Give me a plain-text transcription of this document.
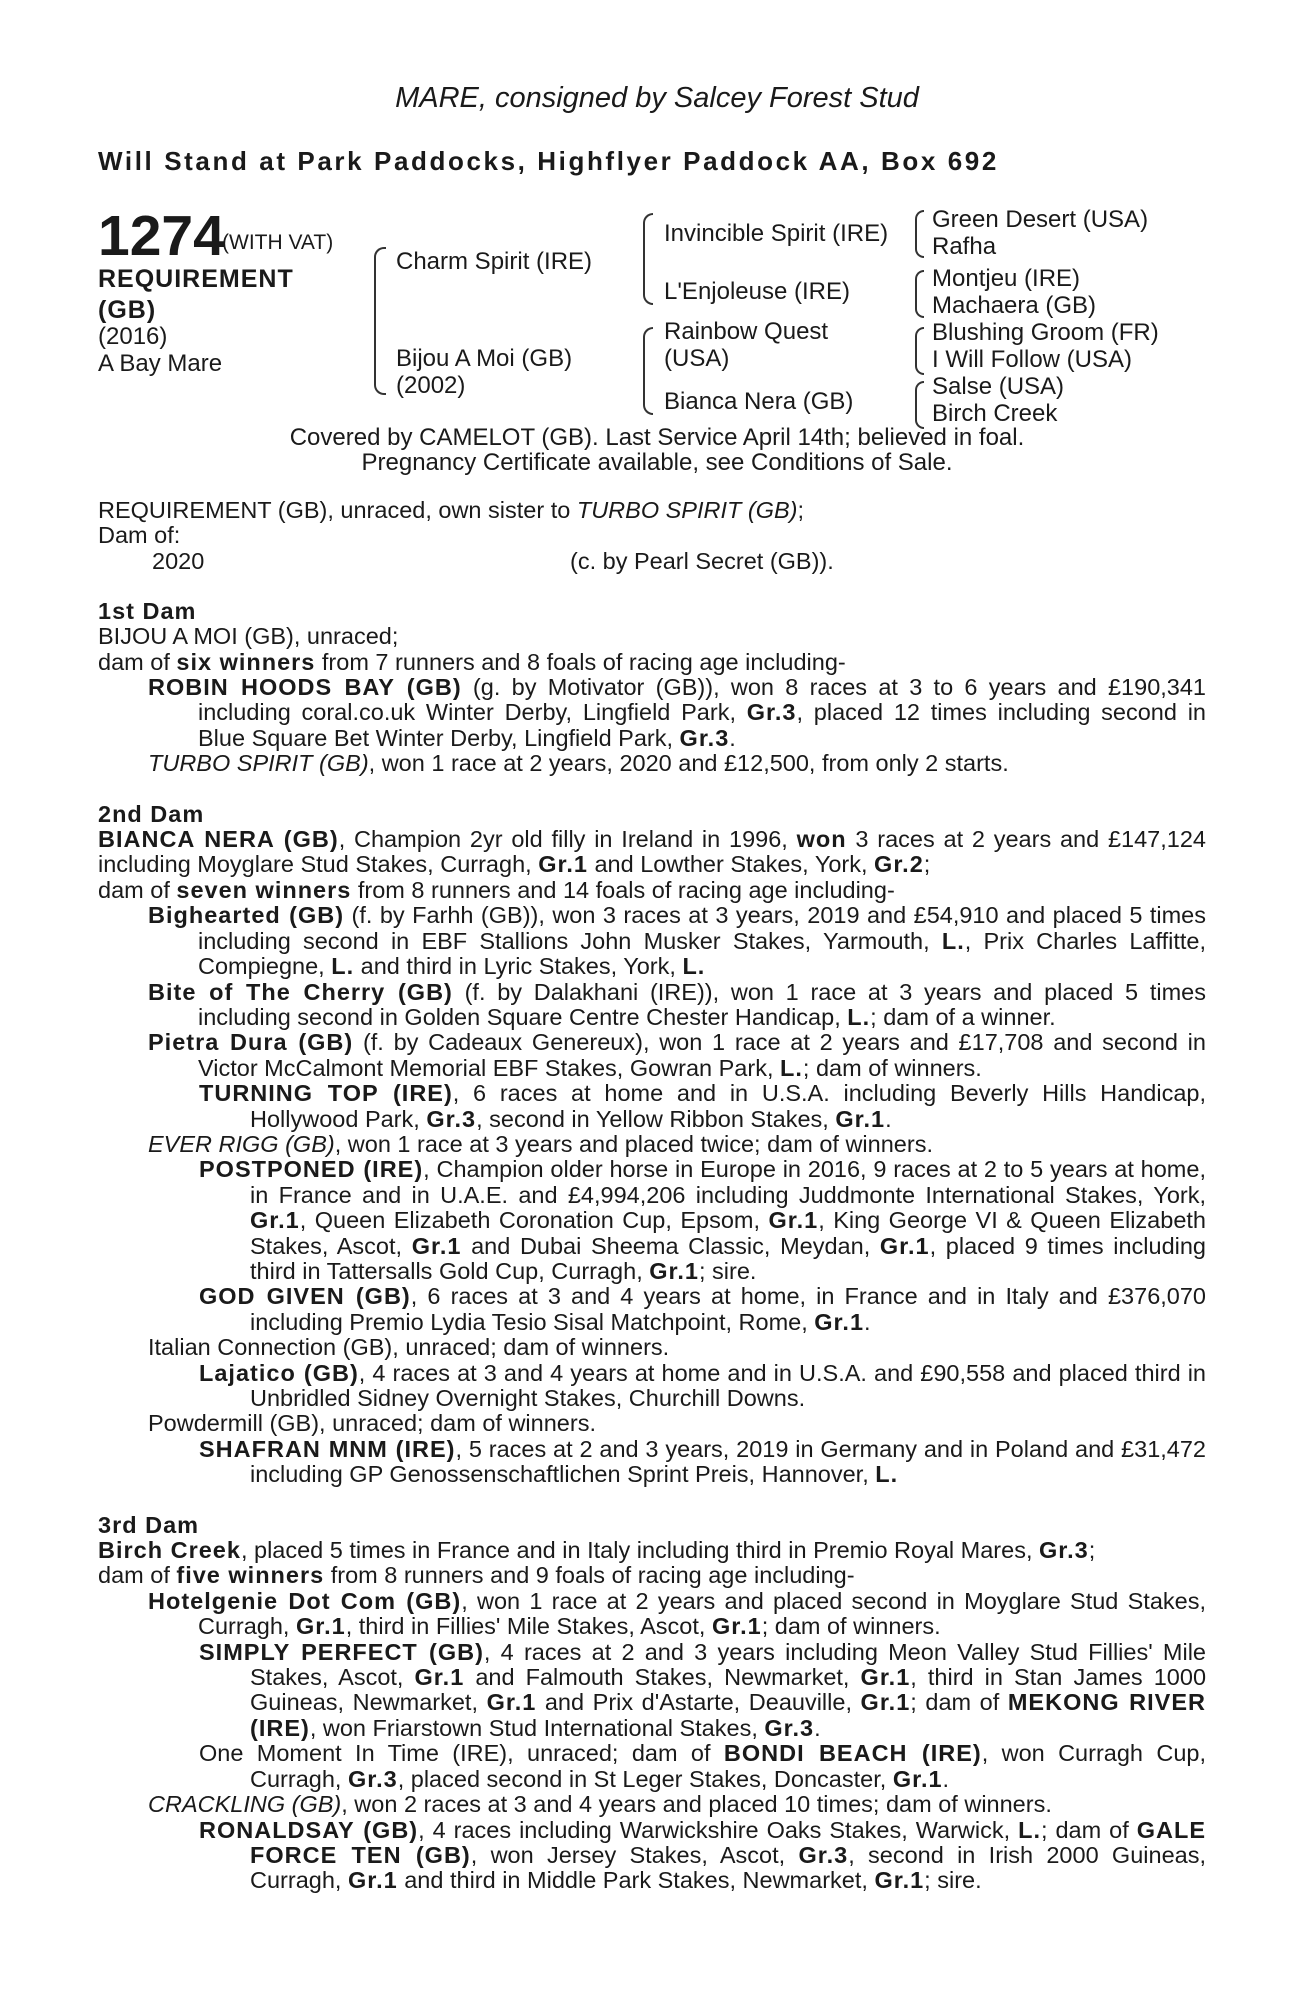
MARE, consigned by Salcey Forest Stud
Will Stand at Park Paddocks, Highflyer Paddock AA, Box 692
1274
(WITH VAT)
REQUIREMENT
(GB)
(2016)
A Bay Mare
Charm Spirit (IRE)
Bijou A Moi (GB)
(2002)
Invincible Spirit (IRE)
L'Enjoleuse (IRE)
Rainbow Quest
(USA)
Bianca Nera (GB)
Green Desert (USA)
Rafha
Montjeu (IRE)
Machaera (GB)
Blushing Groom (FR)
I Will Follow (USA)
Salse (USA)
Birch Creek
Covered by CAMELOT (GB). Last Service April 14th; believed in foal.
Pregnancy Certificate available, see Conditions of Sale.

REQUIREMENT (GB), unraced, own sister to TURBO SPIRIT (GB);

Dam of:

2020	(c. by Pearl Secret (GB)).

1st Dam

BIJOU A MOI (GB), unraced;

dam of six winners from 7 runners and 8 foals of racing age including-

ROBIN HOODS BAY (GB) (g. by Motivator (GB)), won 8 races at 3 to 6 years and £190,341 including coral.co.uk Winter Derby, Lingfield Park, Gr.3, placed 12 times including second in Blue Square Bet Winter Derby, Lingfield Park, Gr.3.

TURBO SPIRIT (GB), won 1 race at 2 years, 2020 and £12,500, from only 2 starts.

2nd Dam

BIANCA NERA (GB), Champion 2yr old filly in Ireland in 1996, won 3 races at 2 years and £147,124 including Moyglare Stud Stakes, Curragh, Gr.1 and Lowther Stakes, York, Gr.2;

dam of seven winners from 8 runners and 14 foals of racing age including-

Bighearted (GB) (f. by Farhh (GB)), won 3 races at 3 years, 2019 and £54,910 and placed 5 times including second in EBF Stallions John Musker Stakes, Yarmouth, L., Prix Charles Laffitte, Compiegne, L. and third in Lyric Stakes, York, L.

Bite of The Cherry (GB) (f. by Dalakhani (IRE)), won 1 race at 3 years and placed 5 times including second in Golden Square Centre Chester Handicap, L.; dam of a winner.

Pietra Dura (GB) (f. by Cadeaux Genereux), won 1 race at 2 years and £17,708 and second in Victor McCalmont Memorial EBF Stakes, Gowran Park, L.; dam of winners.

TURNING TOP (IRE), 6 races at home and in U.S.A. including Beverly Hills Handicap, Hollywood Park, Gr.3, second in Yellow Ribbon Stakes, Gr.1.

EVER RIGG (GB), won 1 race at 3 years and placed twice; dam of winners.

POSTPONED (IRE), Champion older horse in Europe in 2016, 9 races at 2 to 5 years at home, in France and in U.A.E. and £4,994,206 including Juddmonte International Stakes, York, Gr.1, Queen Elizabeth Coronation Cup, Epsom, Gr.1, King George VI & Queen Elizabeth Stakes, Ascot, Gr.1 and Dubai Sheema Classic, Meydan, Gr.1, placed 9 times including third in Tattersalls Gold Cup, Curragh, Gr.1; sire.

GOD GIVEN (GB), 6 races at 3 and 4 years at home, in France and in Italy and £376,070 including Premio Lydia Tesio Sisal Matchpoint, Rome, Gr.1.

Italian Connection (GB), unraced; dam of winners.

Lajatico (GB), 4 races at 3 and 4 years at home and in U.S.A. and £90,558 and placed third in Unbridled Sidney Overnight Stakes, Churchill Downs.

Powdermill (GB), unraced; dam of winners.

SHAFRAN MNM (IRE), 5 races at 2 and 3 years, 2019 in Germany and in Poland and £31,472 including GP Genossenschaftlichen Sprint Preis, Hannover, L.

3rd Dam

Birch Creek, placed 5 times in France and in Italy including third in Premio Royal Mares, Gr.3;

dam of five winners from 8 runners and 9 foals of racing age including-

Hotelgenie Dot Com (GB), won 1 race at 2 years and placed second in Moyglare Stud Stakes, Curragh, Gr.1, third in Fillies' Mile Stakes, Ascot, Gr.1; dam of winners.

SIMPLY PERFECT (GB), 4 races at 2 and 3 years including Meon Valley Stud Fillies' Mile Stakes, Ascot, Gr.1 and Falmouth Stakes, Newmarket, Gr.1, third in Stan James 1000 Guineas, Newmarket, Gr.1 and Prix d'Astarte, Deauville, Gr.1; dam of MEKONG RIVER (IRE), won Friarstown Stud International Stakes, Gr.3.

One Moment In Time (IRE), unraced; dam of BONDI BEACH (IRE), won Curragh Cup, Curragh, Gr.3, placed second in St Leger Stakes, Doncaster, Gr.1.

CRACKLING (GB), won 2 races at 3 and 4 years and placed 10 times; dam of winners.

RONALDSAY (GB), 4 races including Warwickshire Oaks Stakes, Warwick, L.; dam of GALE FORCE TEN (GB), won Jersey Stakes, Ascot, Gr.3, second in Irish 2000 Guineas, Curragh, Gr.1 and third in Middle Park Stakes, Newmarket, Gr.1; sire.
